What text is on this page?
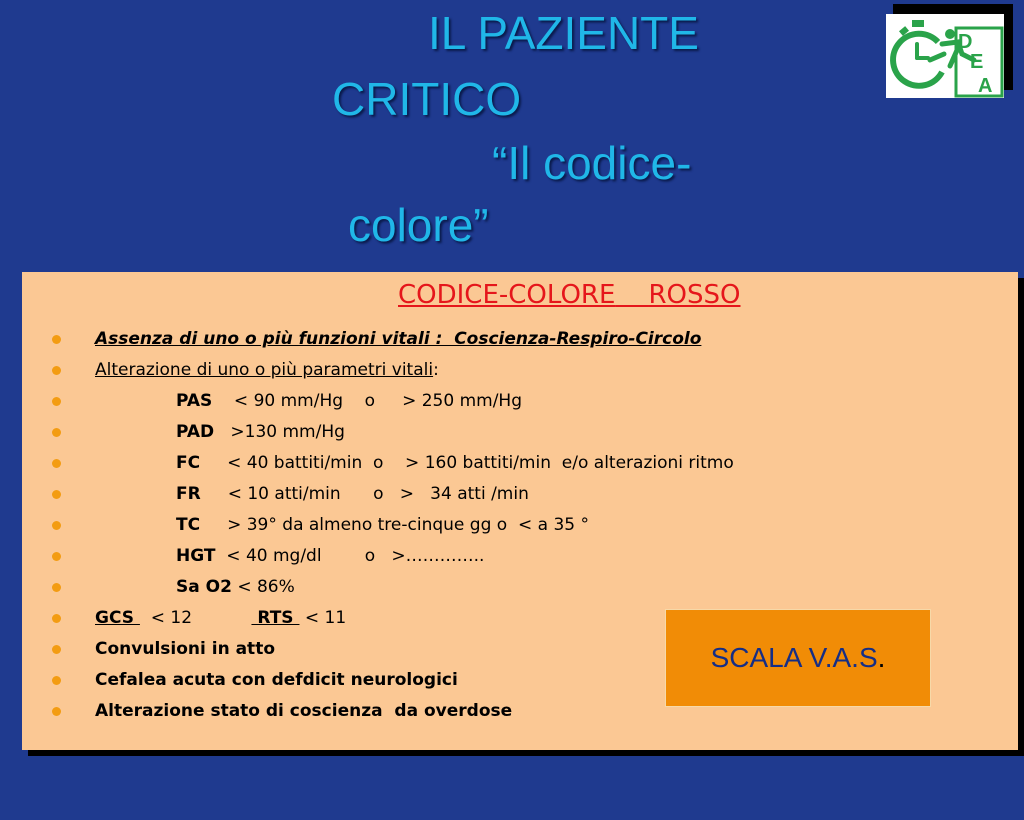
IL PAZIENTE
CRITICO
“Il codice-
colore”
D
E
A
CODICE-COLORE ROSSO

Assenza di uno o più funzioni vitali :  Coscienza-Respiro-Circolo

Alterazione di uno o più parametri vitali:

PAS    < 90 mm/Hg    o     > 250 mm/Hg

PAD   >130 mm/Hg

FC     < 40 battiti/min  o    > 160 battiti/min  e/o alterazioni ritmo

FR     < 10 atti/min      o   >   34 atti /min

TC     > 39° da almeno tre-cinque gg o  < a 35 °

HGT  < 40 mg/dl        o   >…………..

Sa O2 < 86%

GCS   < 12            RTS  < 11

Convulsioni in atto

Cefalea acuta con defdicit neurologici

Alterazione stato di coscienza  da overdose

SCALA V.A.S .
